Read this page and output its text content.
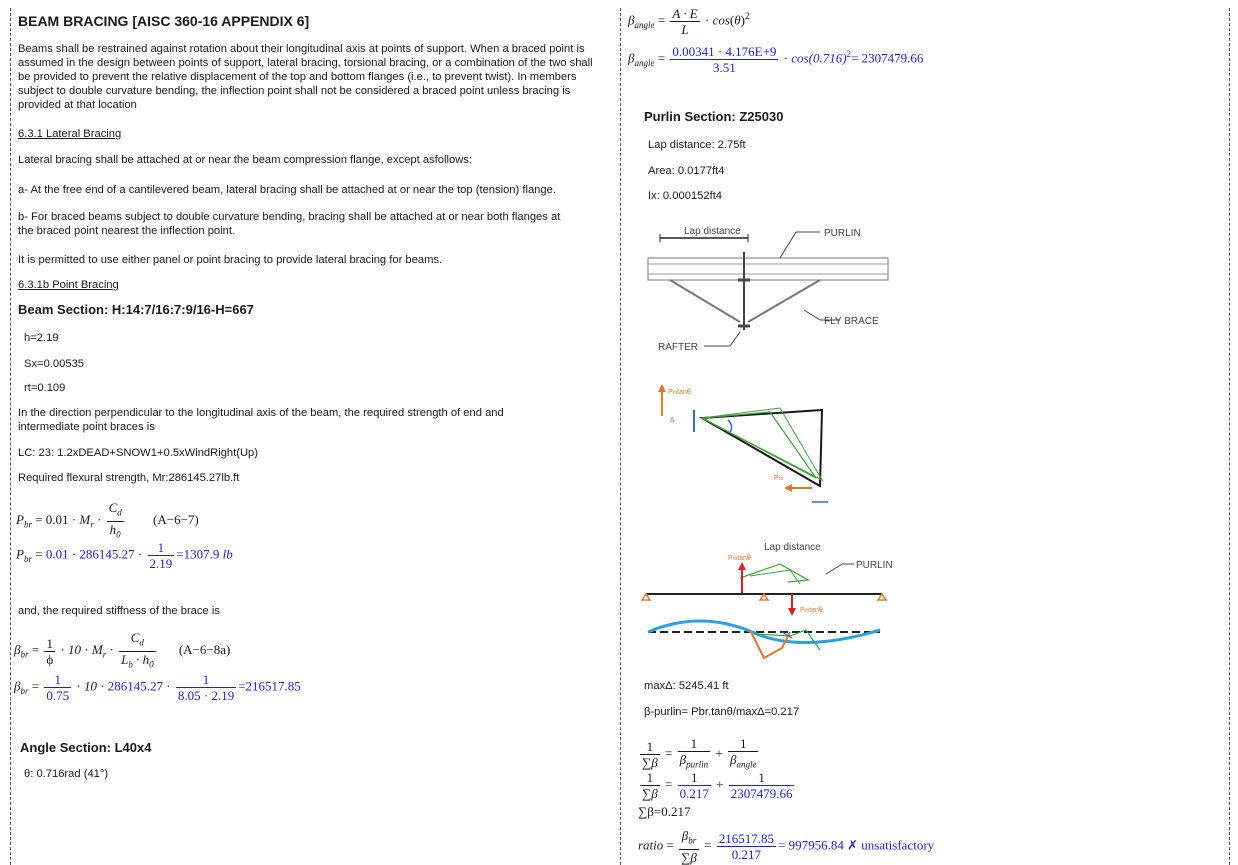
BEAM BRACING [AISC 360-16 APPENDIX 6]
Beams shall be restrained against rotation about their longitudinal axis at points of support. When a braced point is assumed in the design between points of support, lateral bracing, torsional bracing, or a combination of the two shall be provided to prevent the relative displacement of the top and bottom flanges (i.e., to prevent twist). In members subject to double curvature bending, the inflection point shall not be considered a braced point unless bracing is provided at that location
6.3.1 Lateral Bracing
Lateral bracing shall be attached at or near the beam compression flange, except asfollows:
a- At the free end of a cantilevered beam, lateral bracing shall be attached at or near the top (tension) flange.
b- For braced beams subject to double curvature bending, bracing shall be attached at or near both flanges at the braced point nearest the inflection point.
It is permitted to use either panel or point bracing to provide lateral bracing for beams.
6.3.1b Point Bracing
Beam Section: H:14:7/16:7:9/16-H=667
h=2.19
Sx=0.00535
rt=0.109
In the direction perpendicular to the longitudinal axis of the beam, the required strength of end and intermediate point braces is
LC: 23: 1.2xDEAD+SNOW1+0.5xWindRight(Up)
Required flexural strength, Mr:286145.27lb.ft
$P_{br} = 0.01 \cdot M_r \cdot \frac{C_d}{h_0} (A-6-7)$
$P_{br} = 0.01 \cdot 286145.27 \cdot \frac{1}{2.19} =1307.9$ lb
and, the required stiffness of the brace is
$\beta_{br} = \frac{1}{\phi} \cdot 10 \cdot M_r \cdot \frac{C_d}{L_b \cdot h_0} (A-6-8a)$
$\beta_{br} = \frac{1}{0.75} \cdot 10 \cdot 286145.27 \cdot \frac{1}{8.05 \cdot 2.19} =216517.85$
Angle Section: L40x4
θ: 0.716rad (41°)
$\beta_{angle} = \frac{A \cdot E}{L} \cdot \cos(\theta)^2$
$\beta_{angle} = \frac{0.00341 \cdot 4.176E+9}{3.51} \cdot \cos(0.716)^2= 2307479.66$
Purlin Section: Z25030
Lap distance: 2.75ft
Area: 0.0177ft4
Ix: 0.000152ft4
Lap distance	PURLIN
FLY BRACE
RAFTER
Prbtanθ
Δ
Prb
Lap distance
Prbtanθ
Prbtanθ
PURLIN
maxΔ: 5245.41 ft
β-purlin= Pbr.tanθ/maxΔ=0.217
$\frac{1}{\sum\beta} = \frac{1}{\beta_{purlin}} + \frac{1}{\beta_{angle}}$
$\frac{1}{\sum\beta} = \frac{1}{0.217} + \frac{1}{2307479.66}$
∑β=0.217
ratio = $\frac{\beta_{br}}{\sum\beta} = \frac{216517.85}{0.217} = 997956.84$ ✗ unsatisfactory
